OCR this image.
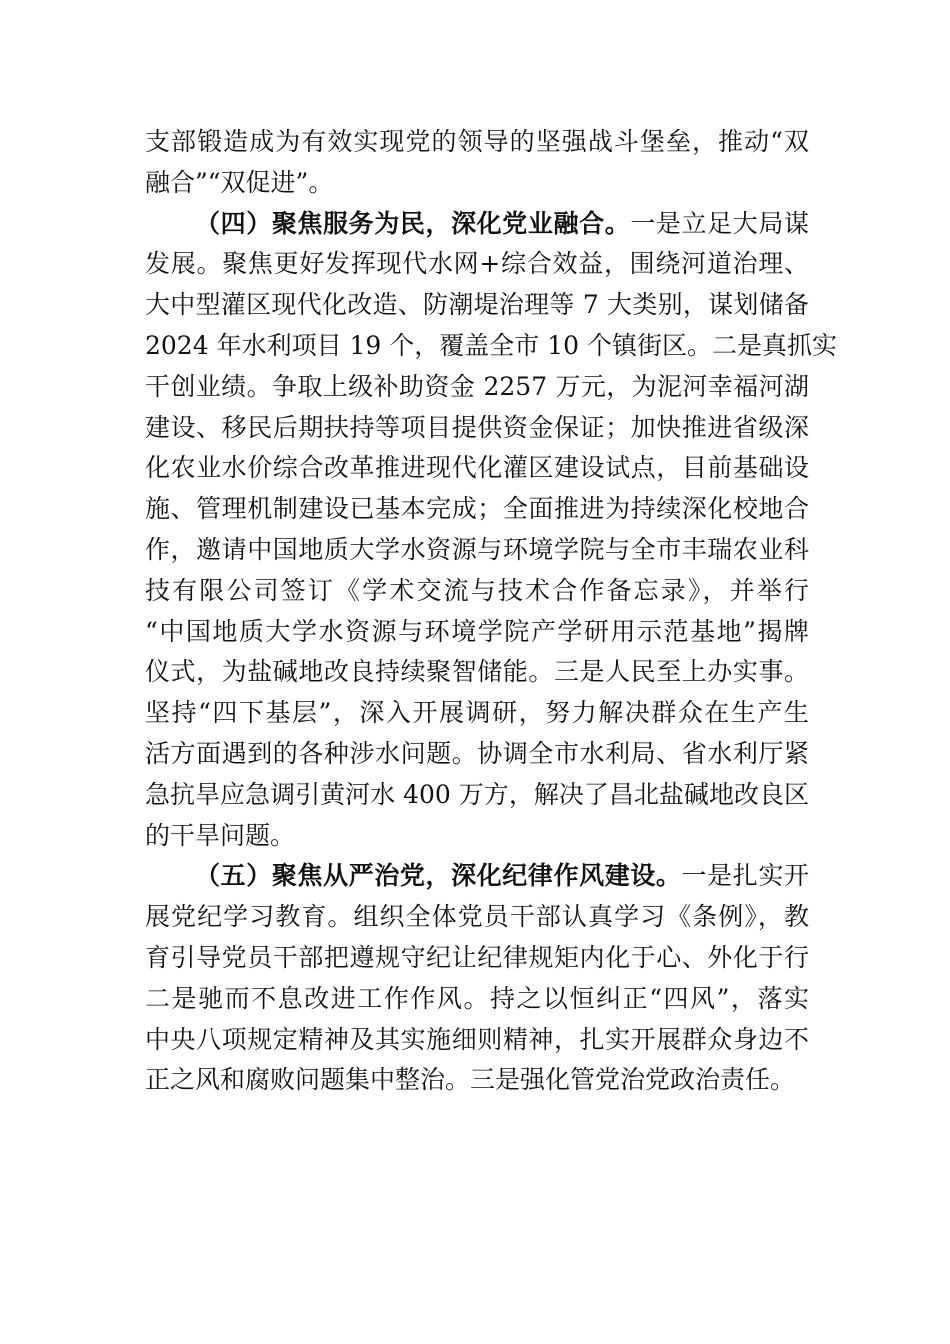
支部锻造成为有效实现党的领导的坚强战斗堡垒，推动“双
融合”“双促进”。
（四）聚焦服务为民，深化党业融合。一是立足大局谋
发展。聚焦更好发挥现代水网+综合效益，围绕河道治理、
大中型灌区现代化改造、防潮堤治理等 7 大类别，谋划储备
2024 年水利项目 19 个，覆盖全市 10 个镇街区。二是真抓实
干创业绩。争取上级补助资金 2257 万元，为泥河幸福河湖
建设、移民后期扶持等项目提供资金保证；加快推进省级深
化农业水价综合改革推进现代化灌区建设试点，目前基础设
施、管理机制建设已基本完成；全面推进为持续深化校地合
作，邀请中国地质大学水资源与环境学院与全市丰瑞农业科
技有限公司签订《学术交流与技术合作备忘录》，并举行
“中国地质大学水资源与环境学院产学研用示范基地”揭牌
仪式，为盐碱地改良持续聚智储能。三是人民至上办实事。
坚持“四下基层”，深入开展调研，努力解决群众在生产生
活方面遇到的各种涉水问题。协调全市水利局、省水利厅紧
急抗旱应急调引黄河水 400 万方，解决了昌北盐碱地改良区
的干旱问题。
（五）聚焦从严治党，深化纪律作风建设。一是扎实开
展党纪学习教育。组织全体党员干部认真学习《条例》，教
育引导党员干部把遵规守纪让纪律规矩内化于心、外化于行
二是驰而不息改进工作作风。持之以恒纠正“四风”，落实
中央八项规定精神及其实施细则精神，扎实开展群众身边不
正之风和腐败问题集中整治。三是强化管党治党政治责任。
